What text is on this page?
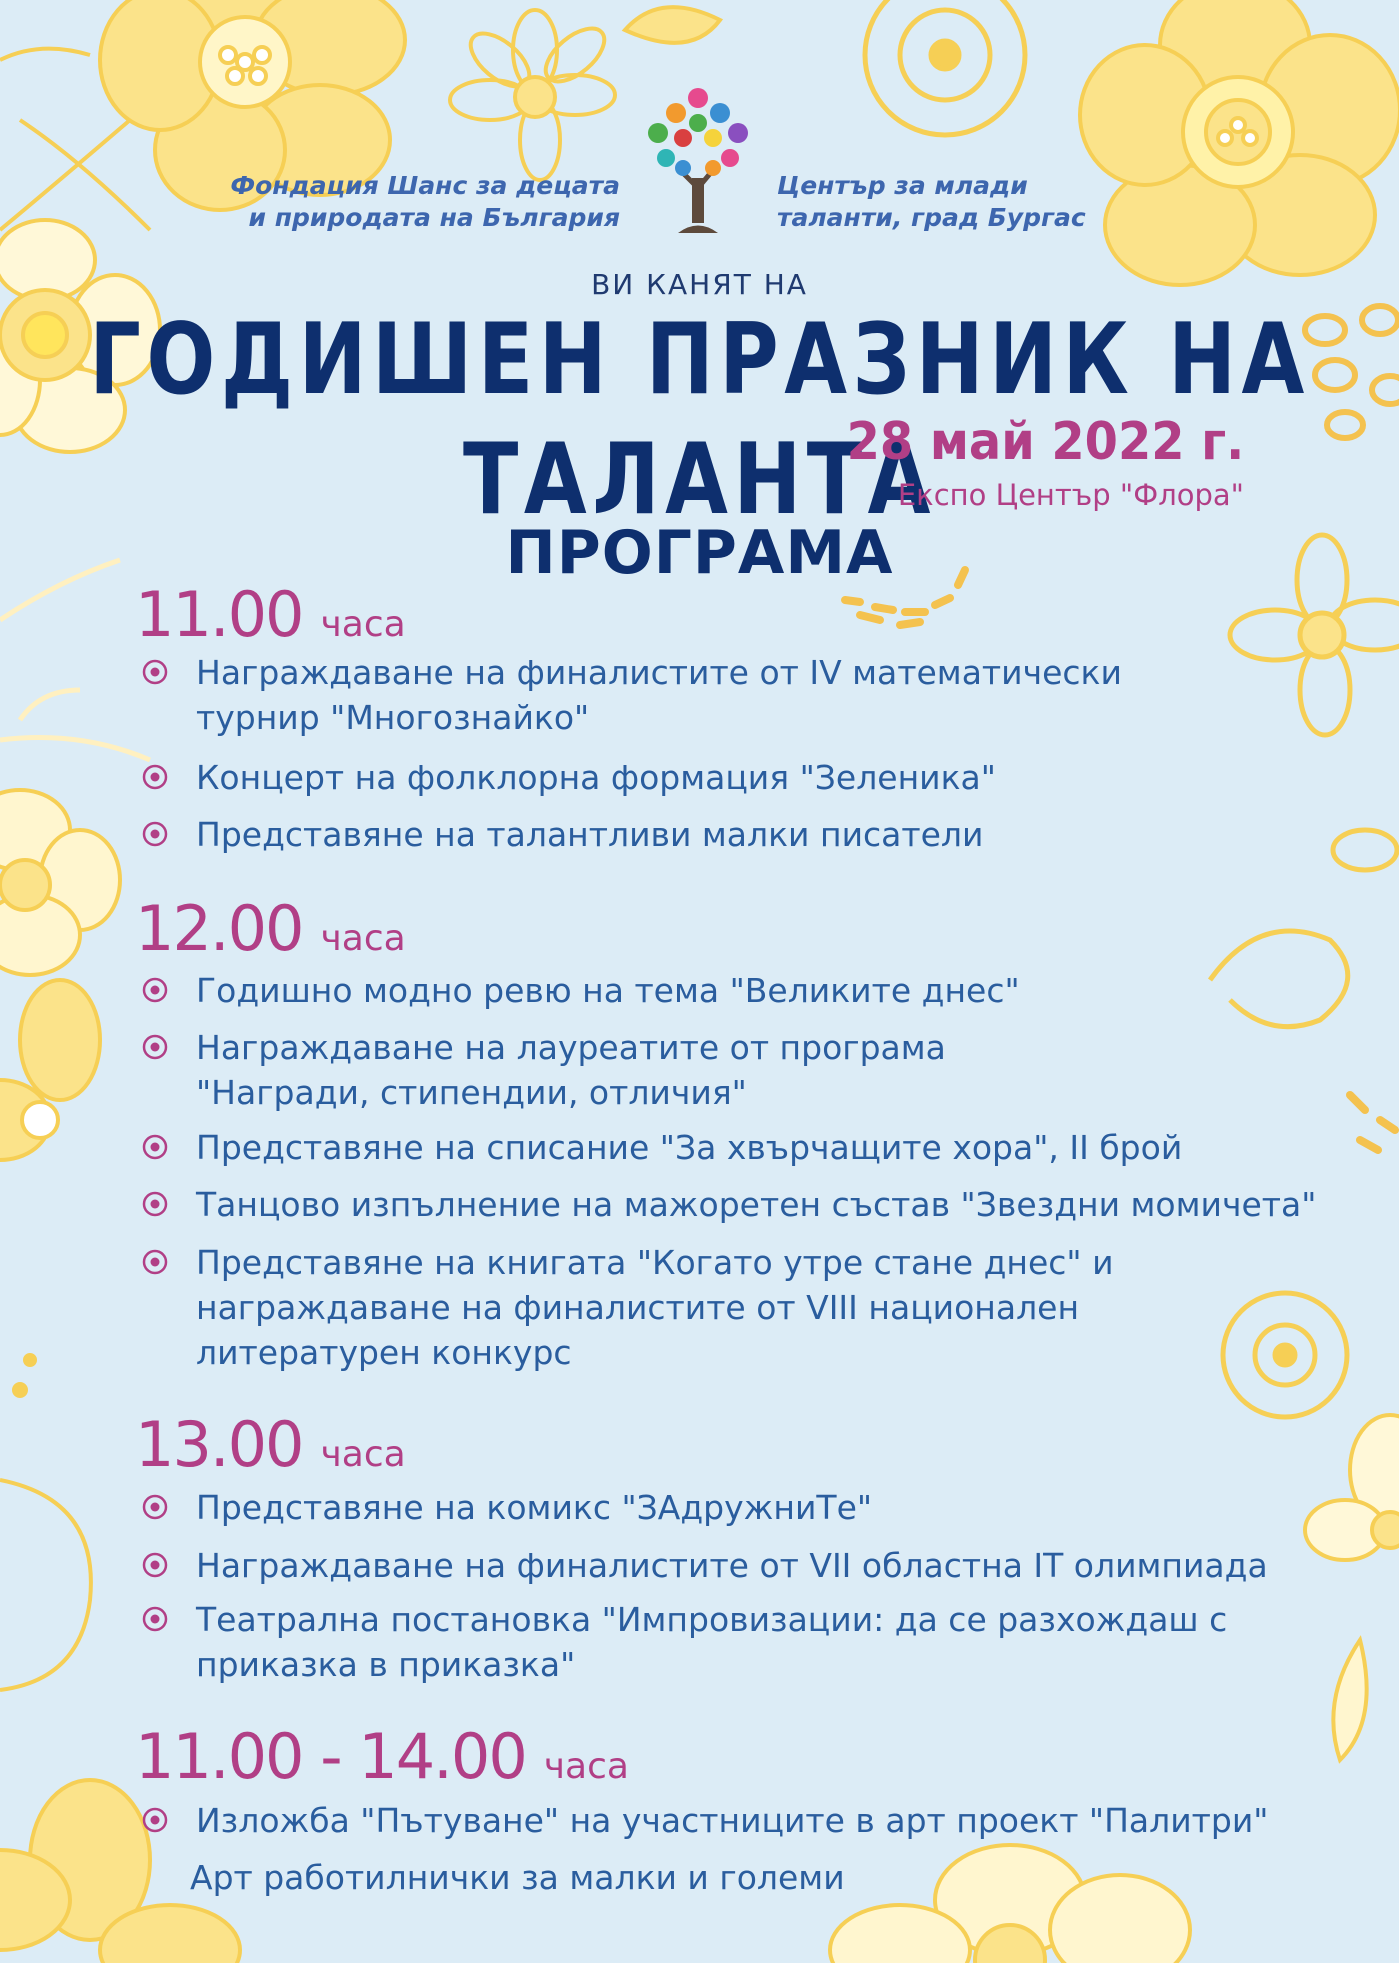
Фондация Шанс за децата
и природата на България
Център за млади
таланти, град Бургас
ВИ КАНЯТ НА
ГОДИШЕН ПРАЗНИК НА ТАЛАНТА
28 май 2022 г.
Експо Център "Флора"
ПРОГРАМА
11.00 часа
Награждаване на финалистите от IV математически
турнир "Многознайко"
Концерт на фолклорна формация "Зеленика"
Представяне на талантливи малки писатели
12.00 часа
Годишно модно ревю на тема "Великите днес"
Награждаване на лауреатите от програма
"Награди, стипендии, отличия"
Представяне на списание "За хвърчащите хора", II брой
Танцово изпълнение на мажоретен състав "Звездни момичета"
Представяне на книгата "Когато утре стане днес" и
награждаване на финалистите от VIII национален
литературен конкурс
13.00 часа
Представяне на комикс "ЗАдружниТе"
Награждаване на финалистите от VII областна IT олимпиада
Театрална постановка "Импровизации: да се разхождаш с
приказка в приказка"
11.00 - 14.00 часа
Изложба "Пътуване" на участниците в арт проект "Палитри"
Арт работилнички за малки и големи
